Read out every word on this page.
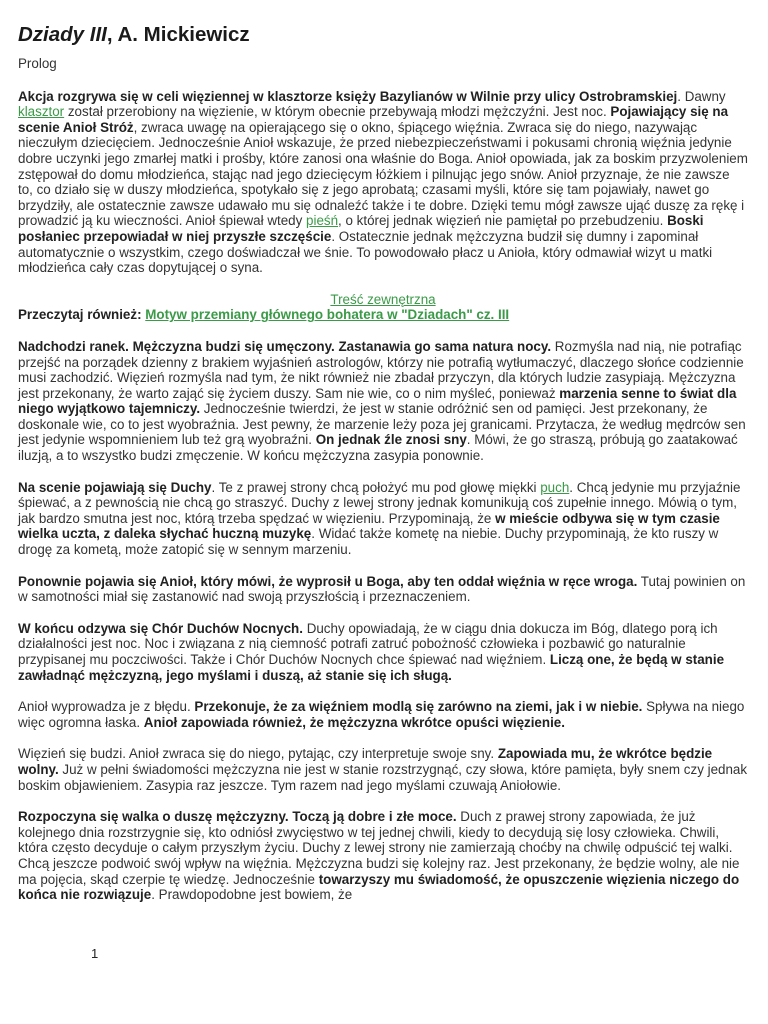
Dziady III, A. Mickiewicz
Prolog

Akcja rozgrywa się w celi więziennej w klasztorze księży Bazylianów w Wilnie przy ulicy Ostrobramskiej. Dawny klasztor został przerobiony na więzienie, w którym obecnie przebywają młodzi mężczyźni. Jest noc. Pojawiający się na scenie Anioł Stróż, zwraca uwagę na opierającego się o okno, śpiącego więźnia. Zwraca się do niego, nazywając nieczułym dziecięciem. Jednocześnie Anioł wskazuje, że przed niebezpieczeństwami i pokusami chronią więźnia jedynie dobre uczynki jego zmarłej matki i prośby, które zanosi ona właśnie do Boga. Anioł opowiada, jak za boskim przyzwoleniem zstępował do domu młodzieńca, stając nad jego dziecięcym łóżkiem i pilnując jego snów. Anioł przyznaje, że nie zawsze to, co działo się w duszy młodzieńca, spotykało się z jego aprobatą; czasami myśli, które się tam pojawiały, nawet go brzydziły, ale ostatecznie zawsze udawało mu się odnaleźć także i te dobre. Dzięki temu mógł zawsze ująć duszę za rękę i prowadzić ją ku wieczności. Anioł śpiewał wtedy pieśń, o której jednak więzień nie pamiętał po przebudzeniu. Boski posłaniec przepowiadał w niej przyszłe szczęście. Ostatecznie jednak mężczyzna budził się dumny i zapominał automatycznie o wszystkim, czego doświadczał we śnie. To powodowało płacz u Anioła, który odmawiał wizyt u matki młodzieńca cały czas dopytującej o syna.

Treść zewnętrzna

Przeczytaj również: Motyw przemiany głównego bohatera w "Dziadach" cz. III

Nadchodzi ranek. Mężczyzna budzi się umęczony. Zastanawia go sama natura nocy. Rozmyśla nad nią, nie potrafiąc przejść na porządek dzienny z brakiem wyjaśnień astrologów, którzy nie potrafią wytłumaczyć, dlaczego słońce codziennie musi zachodzić. Więzień rozmyśla nad tym, że nikt również nie zbadał przyczyn, dla których ludzie zasypiają. Mężczyzna jest przekonany, że warto zająć się życiem duszy. Sam nie wie, co o nim myśleć, ponieważ marzenia senne to świat dla niego wyjątkowo tajemniczy. Jednocześnie twierdzi, że jest w stanie odróżnić sen od pamięci. Jest przekonany, że doskonale wie, co to jest wyobraźnia. Jest pewny, że marzenie leży poza jej granicami. Przytacza, że według mędrców sen jest jedynie wspomnieniem lub też grą wyobraźni. On jednak źle znosi sny. Mówi, że go straszą, próbują go zaatakować iluzją, a to wszystko budzi zmęczenie. W końcu mężczyzna zasypia ponownie.

Na scenie pojawiają się Duchy. Te z prawej strony chcą położyć mu pod głowę miękki puch. Chcą jedynie mu przyjaźnie śpiewać, a z pewnością nie chcą go straszyć. Duchy z lewej strony jednak komunikują coś zupełnie innego. Mówią o tym, jak bardzo smutna jest noc, którą trzeba spędzać w więzieniu. Przypominają, że w mieście odbywa się w tym czasie wielka uczta, z daleka słychać huczną muzykę. Widać także kometę na niebie. Duchy przypominają, że kto ruszy w drogę za kometą, może zatopić się w sennym marzeniu.

Ponownie pojawia się Anioł, który mówi, że wyprosił u Boga, aby ten oddał więźnia w ręce wroga. Tutaj powinien on w samotności miał się zastanowić nad swoją przyszłością i przeznaczeniem.

W końcu odzywa się Chór Duchów Nocnych. Duchy opowiadają, że w ciągu dnia dokucza im Bóg, dlatego porą ich działalności jest noc. Noc i związana z nią ciemność potrafi zatruć pobożność człowieka i pozbawić go naturalnie przypisanej mu poczciwości. Także i Chór Duchów Nocnych chce śpiewać nad więźniem. Liczą one, że będą w stanie zawładnąć mężczyzną, jego myślami i duszą, aż stanie się ich sługą.

Anioł wyprowadza je z błędu. Przekonuje, że za więźniem modlą się zarówno na ziemi, jak i w niebie. Spływa na niego więc ogromna łaska. Anioł zapowiada również, że mężczyzna wkrótce opuści więzienie.

Więzień się budzi. Anioł zwraca się do niego, pytając, czy interpretuje swoje sny. Zapowiada mu, że wkrótce będzie wolny. Już w pełni świadomości mężczyzna nie jest w stanie rozstrzygnąć, czy słowa, które pamięta, były snem czy jednak boskim objawieniem. Zasypia raz jeszcze. Tym razem nad jego myślami czuwają Aniołowie.

Rozpoczyna się walka o duszę mężczyzny. Toczą ją dobre i złe moce. Duch z prawej strony zapowiada, że już kolejnego dnia rozstrzygnie się, kto odniósł zwycięstwo w tej jednej chwili, kiedy to decydują się losy człowieka. Chwili, która często decyduje o całym przyszłym życiu. Duchy z lewej strony nie zamierzają choćby na chwilę odpuścić tej walki. Chcą jeszcze podwoić swój wpływ na więźnia. Mężczyzna budzi się kolejny raz. Jest przekonany, że będzie wolny, ale nie ma pojęcia, skąd czerpie tę wiedzę. Jednocześnie towarzyszy mu świadomość, że opuszczenie więzienia niczego do końca nie rozwiązuje. Prawdopodobne jest bowiem, że

1
